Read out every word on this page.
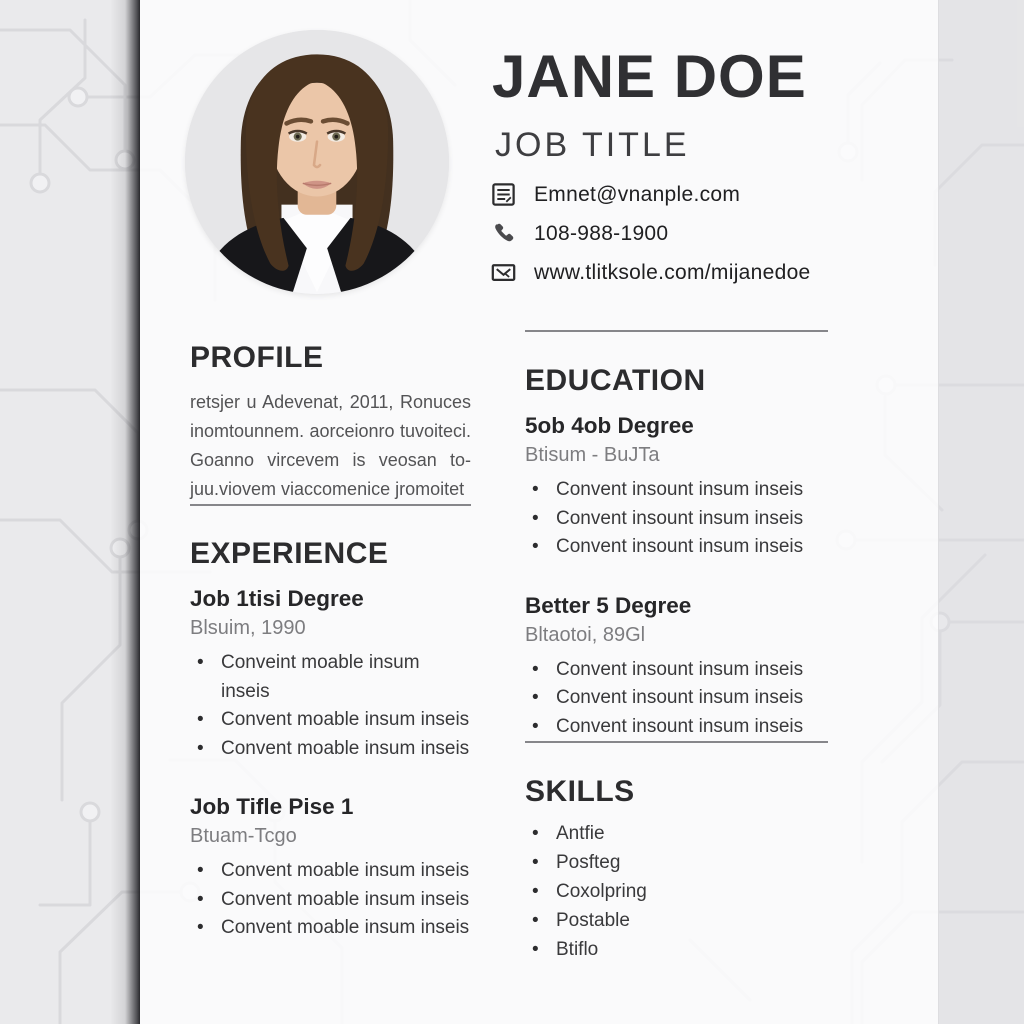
JANE DOE
JOB TITLE
Emnet@vnanple.com
108-988-1900
www.tlitksole.com/mijanedoe
PROFILE

retsjer u Adevenat, 2011, Ronuces inomtounnem. aorceionro tuvoiteci. Goanno vircevem is veosan to- juu.viovem viaccomenice jromoitet

EXPERIENCE
Job 1tisi Degree
Blsuim, 1990
• Conveint moable insum inseis
• Convent moable insum inseis
• Convent moable insum inseis
Job Tifle Pise 1
Btuam-Tcgo
• Convent moable insum inseis
• Convent moable insum inseis
• Convent moable insum inseis
EDUCATION
5ob 4ob Degree
Btisum - BuJTa
• Convent insount insum inseis
• Convent insount insum inseis
• Convent insount insum inseis
Better 5 Degree
Bltaotoi, 89Gl
• Convent insount insum inseis
• Convent insount insum inseis
• Convent insount insum inseis
SKILLS
• Antfie
• Posfteg
• Coxolpring
• Postable
• Btiflo
